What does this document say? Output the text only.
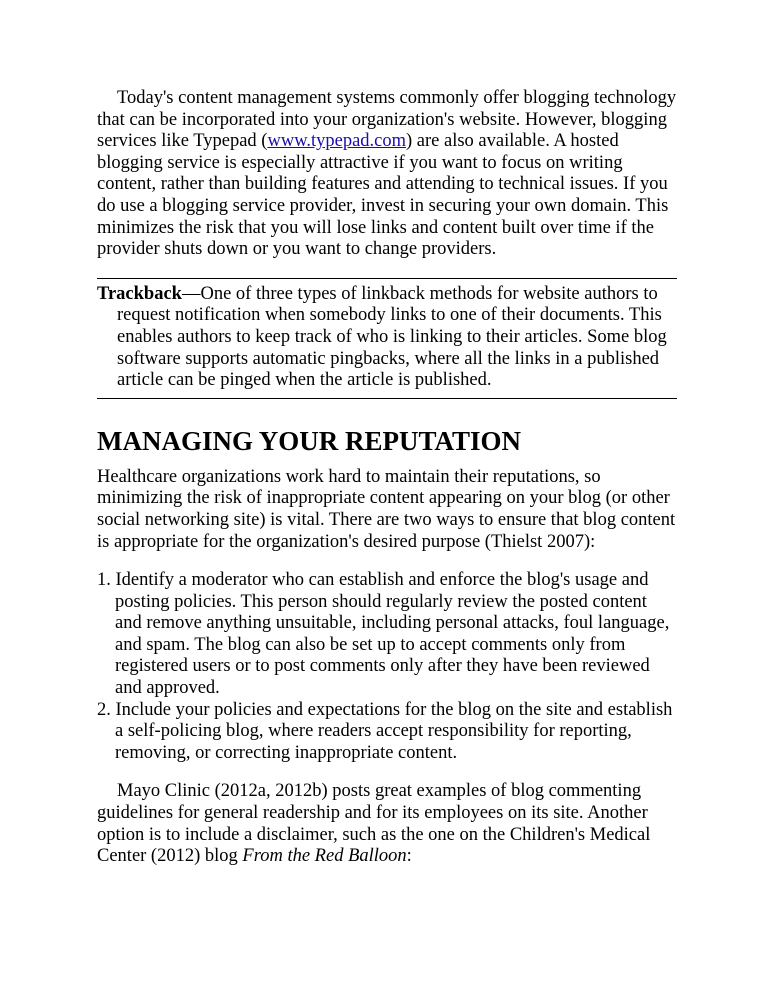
Today's content management systems commonly offer blogging technology that can be incorporated into your organization's website. However, blogging services like Typepad (www.typepad.com) are also available. A hosted blogging service is especially attractive if you want to focus on writing content, rather than building features and attending to technical issues. If you do use a blogging service provider, invest in securing your own domain. This minimizes the risk that you will lose links and content built over time if the provider shuts down or you want to change providers.

Trackback—One of three types of linkback methods for website authors to request notification when somebody links to one of their documents. This enables authors to keep track of who is linking to their articles. Some blog software supports automatic pingbacks, where all the links in a published article can be pinged when the article is published.

MANAGING YOUR REPUTATION

Healthcare organizations work hard to maintain their reputations, so minimizing the risk of inappropriate content appearing on your blog (or other social networking site) is vital. There are two ways to ensure that blog content is appropriate for the organization's desired purpose (Thielst 2007):

1. Identify a moderator who can establish and enforce the blog's usage and posting policies. This person should regularly review the posted content and remove anything unsuitable, including personal attacks, foul language, and spam. The blog can also be set up to accept comments only from registered users or to post comments only after they have been reviewed and approved.
2. Include your policies and expectations for the blog on the site and establish a self-policing blog, where readers accept responsibility for reporting, removing, or correcting inappropriate content.

Mayo Clinic (2012a, 2012b) posts great examples of blog commenting guidelines for general readership and for its employees on its site. Another option is to include a disclaimer, such as the one on the Children's Medical Center (2012) blog From the Red Balloon:
